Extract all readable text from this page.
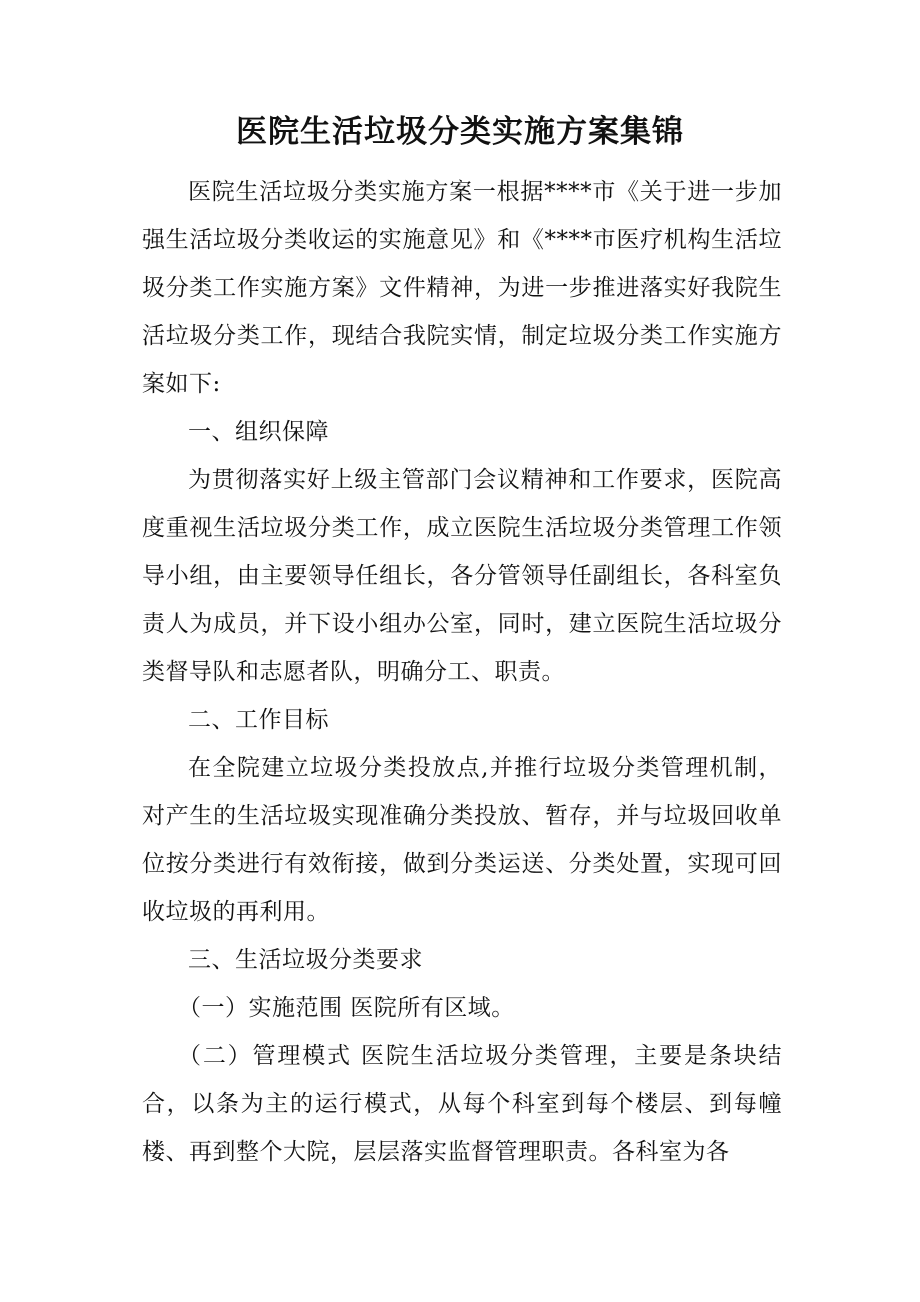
医院生活垃圾分类实施方案集锦

医院生活垃圾分类实施方案一根据****市《关于进一步加强生活垃圾分类收运的实施意见》和《****市医疗机构生活垃圾分类工作实施方案》文件精神，为进一步推进落实好我院生活垃圾分类工作，现结合我院实情，制定垃圾分类工作实施方案如下:

一、组织保障

为贯彻落实好上级主管部门会议精神和工作要求，医院高度重视生活垃圾分类工作，成立医院生活垃圾分类管理工作领导小组，由主要领导任组长，各分管领导任副组长，各科室负责人为成员，并下设小组办公室，同时，建立医院生活垃圾分类督导队和志愿者队，明确分工、职责。

二、工作目标

在全院建立垃圾分类投放点,并推行垃圾分类管理机制，对产生的生活垃圾实现准确分类投放、暂存，并与垃圾回收单位按分类进行有效衔接，做到分类运送、分类处置，实现可回收垃圾的再利用。

三、生活垃圾分类要求

（一）实施范围 医院所有区域。

（二）管理模式 医院生活垃圾分类管理，主要是条块结合，以条为主的运行模式，从每个科室到每个楼层、到每幢楼、再到整个大院，层层落实监督管理职责。各科室为各
